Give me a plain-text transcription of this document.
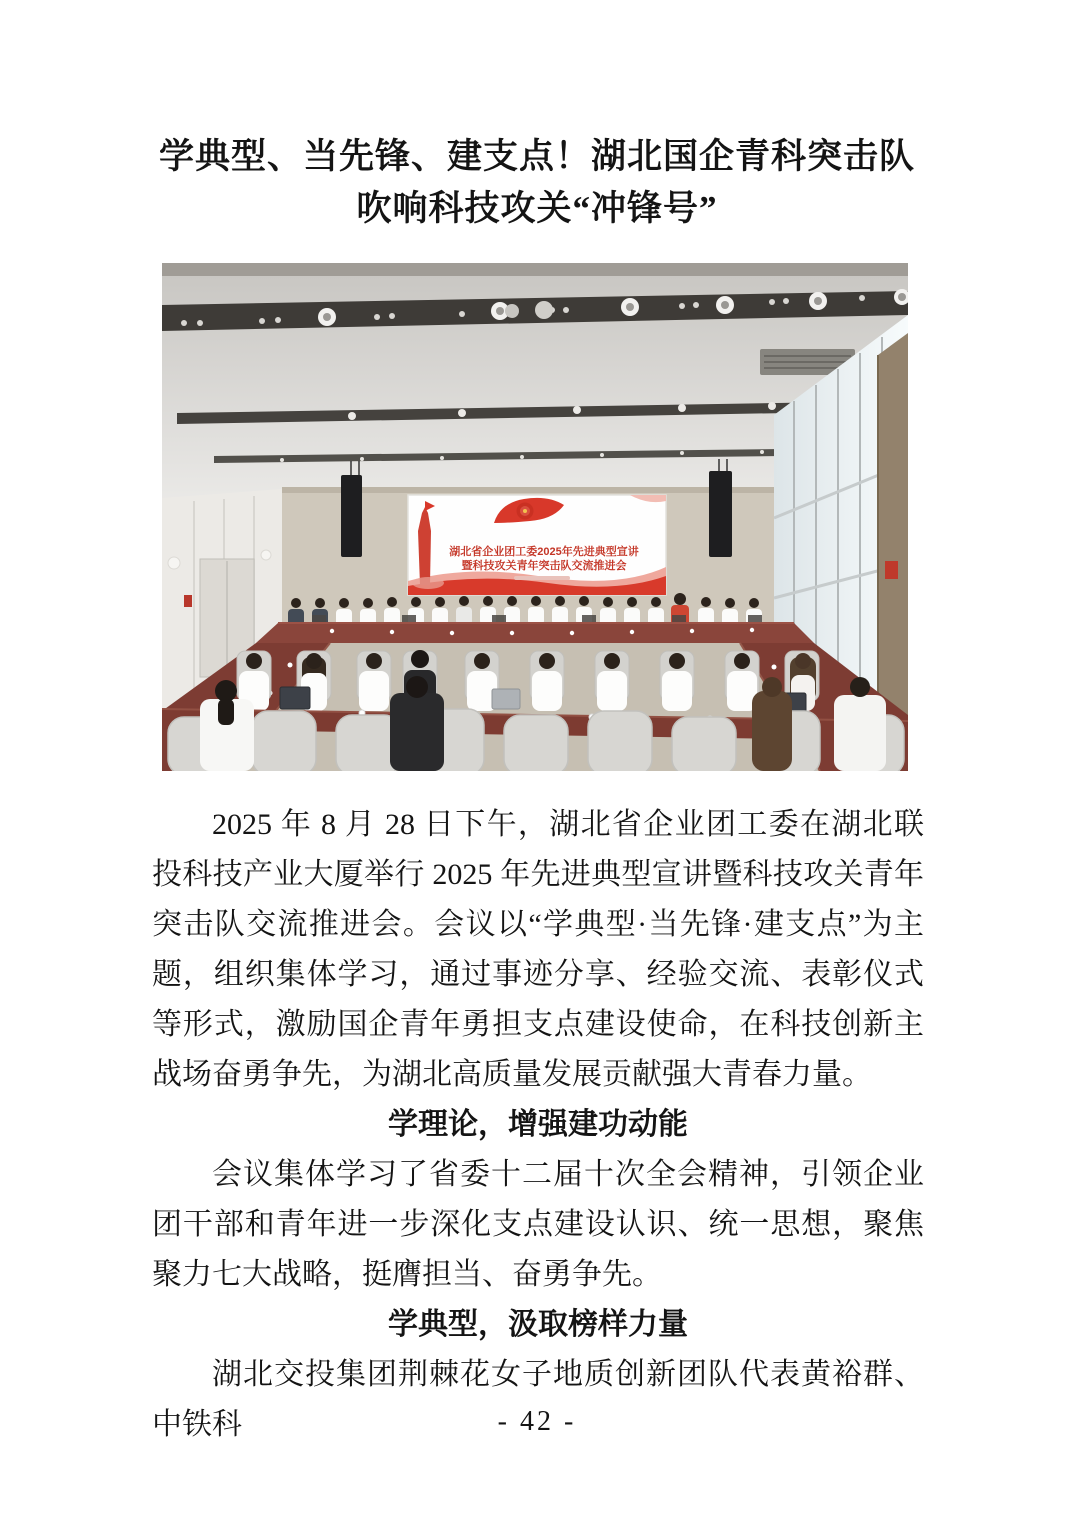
学典型、当先锋、建支点！湖北国企青科突击队
吹响科技攻关“冲锋号”
湖北省企业团工委2025年先进典型宣讲
暨科技攻关青年突击队交流推进会

2025 年 8 月 28 日下午，湖北省企业团工委在湖北联投科技产业大厦举行 2025 年先进典型宣讲暨科技攻关青年突击队交流推进会。会议以“学典型·当先锋·建支点”为主题，组织集体学习，通过事迹分享、经验交流、表彰仪式等形式，激励国企青年勇担支点建设使命，在科技创新主战场奋勇争先，为湖北高质量发展贡献强大青春力量。

学理论，增强建功动能

会议集体学习了省委十二届十次全会精神，引领企业团干部和青年进一步深化支点建设认识、统一思想，聚焦聚力七大战略，挺膺担当、奋勇争先。

学典型，汲取榜样力量

湖北交投集团荆棘花女子地质创新团队代表黄裕群、中铁科	- 42 -
